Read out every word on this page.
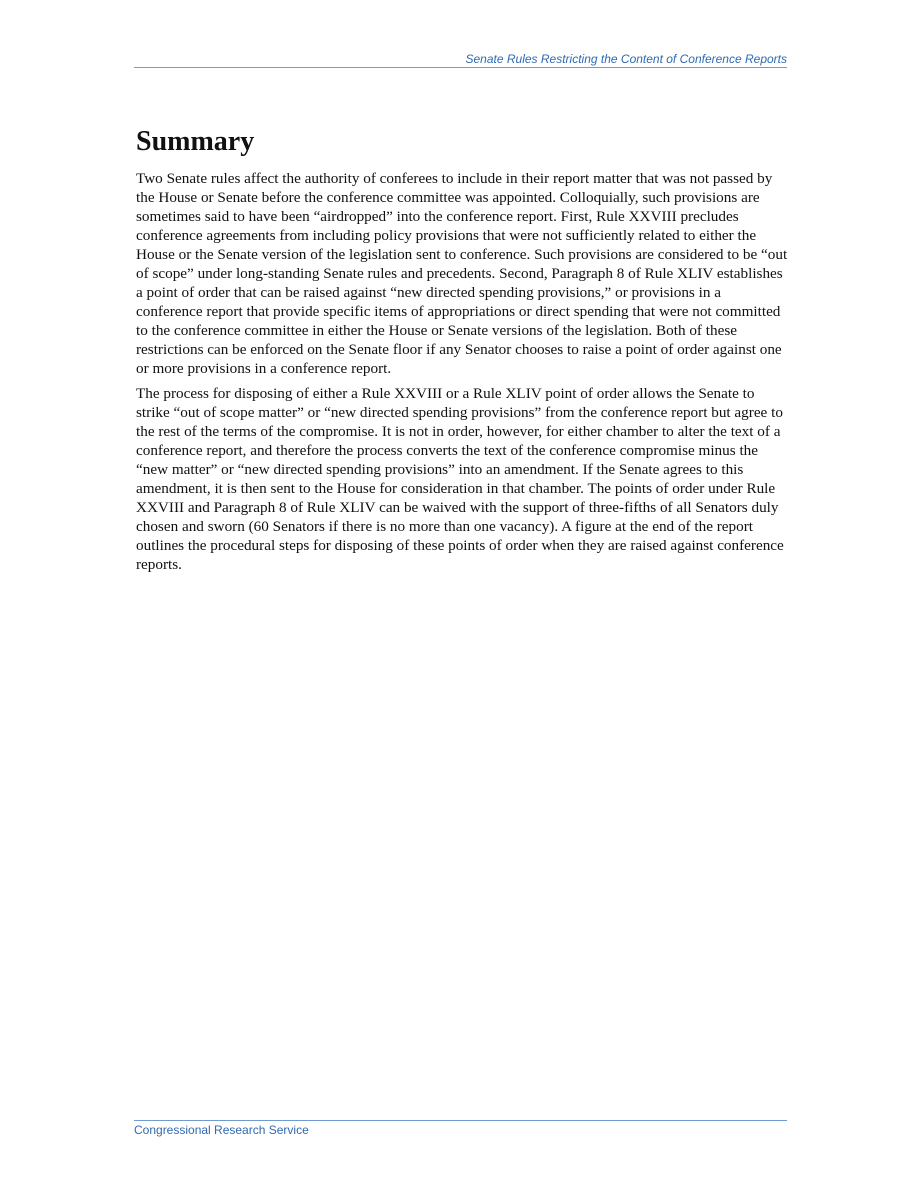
Senate Rules Restricting the Content of Conference Reports
Summary

Two Senate rules affect the authority of conferees to include in their report matter that was not passed by the House or Senate before the conference committee was appointed. Colloquially, such provisions are sometimes said to have been “airdropped” into the conference report. First, Rule XXVIII precludes conference agreements from including policy provisions that were not sufficiently related to either the House or the Senate version of the legislation sent to conference. Such provisions are considered to be “out of scope” under long-standing Senate rules and precedents. Second, Paragraph 8 of Rule XLIV establishes a point of order that can be raised against “new directed spending provisions,” or provisions in a conference report that provide specific items of appropriations or direct spending that were not committed to the conference committee in either the House or Senate versions of the legislation. Both of these restrictions can be enforced on the Senate floor if any Senator chooses to raise a point of order against one or more provisions in a conference report.

The process for disposing of either a Rule XXVIII or a Rule XLIV point of order allows the Senate to strike “out of scope matter” or “new directed spending provisions” from the conference report but agree to the rest of the terms of the compromise. It is not in order, however, for either chamber to alter the text of a conference report, and therefore the process converts the text of the conference compromise minus the “new matter” or “new directed spending provisions” into an amendment. If the Senate agrees to this amendment, it is then sent to the House for consideration in that chamber. The points of order under Rule XXVIII and Paragraph 8 of Rule XLIV can be waived with the support of three-fifths of all Senators duly chosen and sworn (60 Senators if there is no more than one vacancy). A figure at the end of the report outlines the procedural steps for disposing of these points of order when they are raised against conference reports.

Congressional Research Service
